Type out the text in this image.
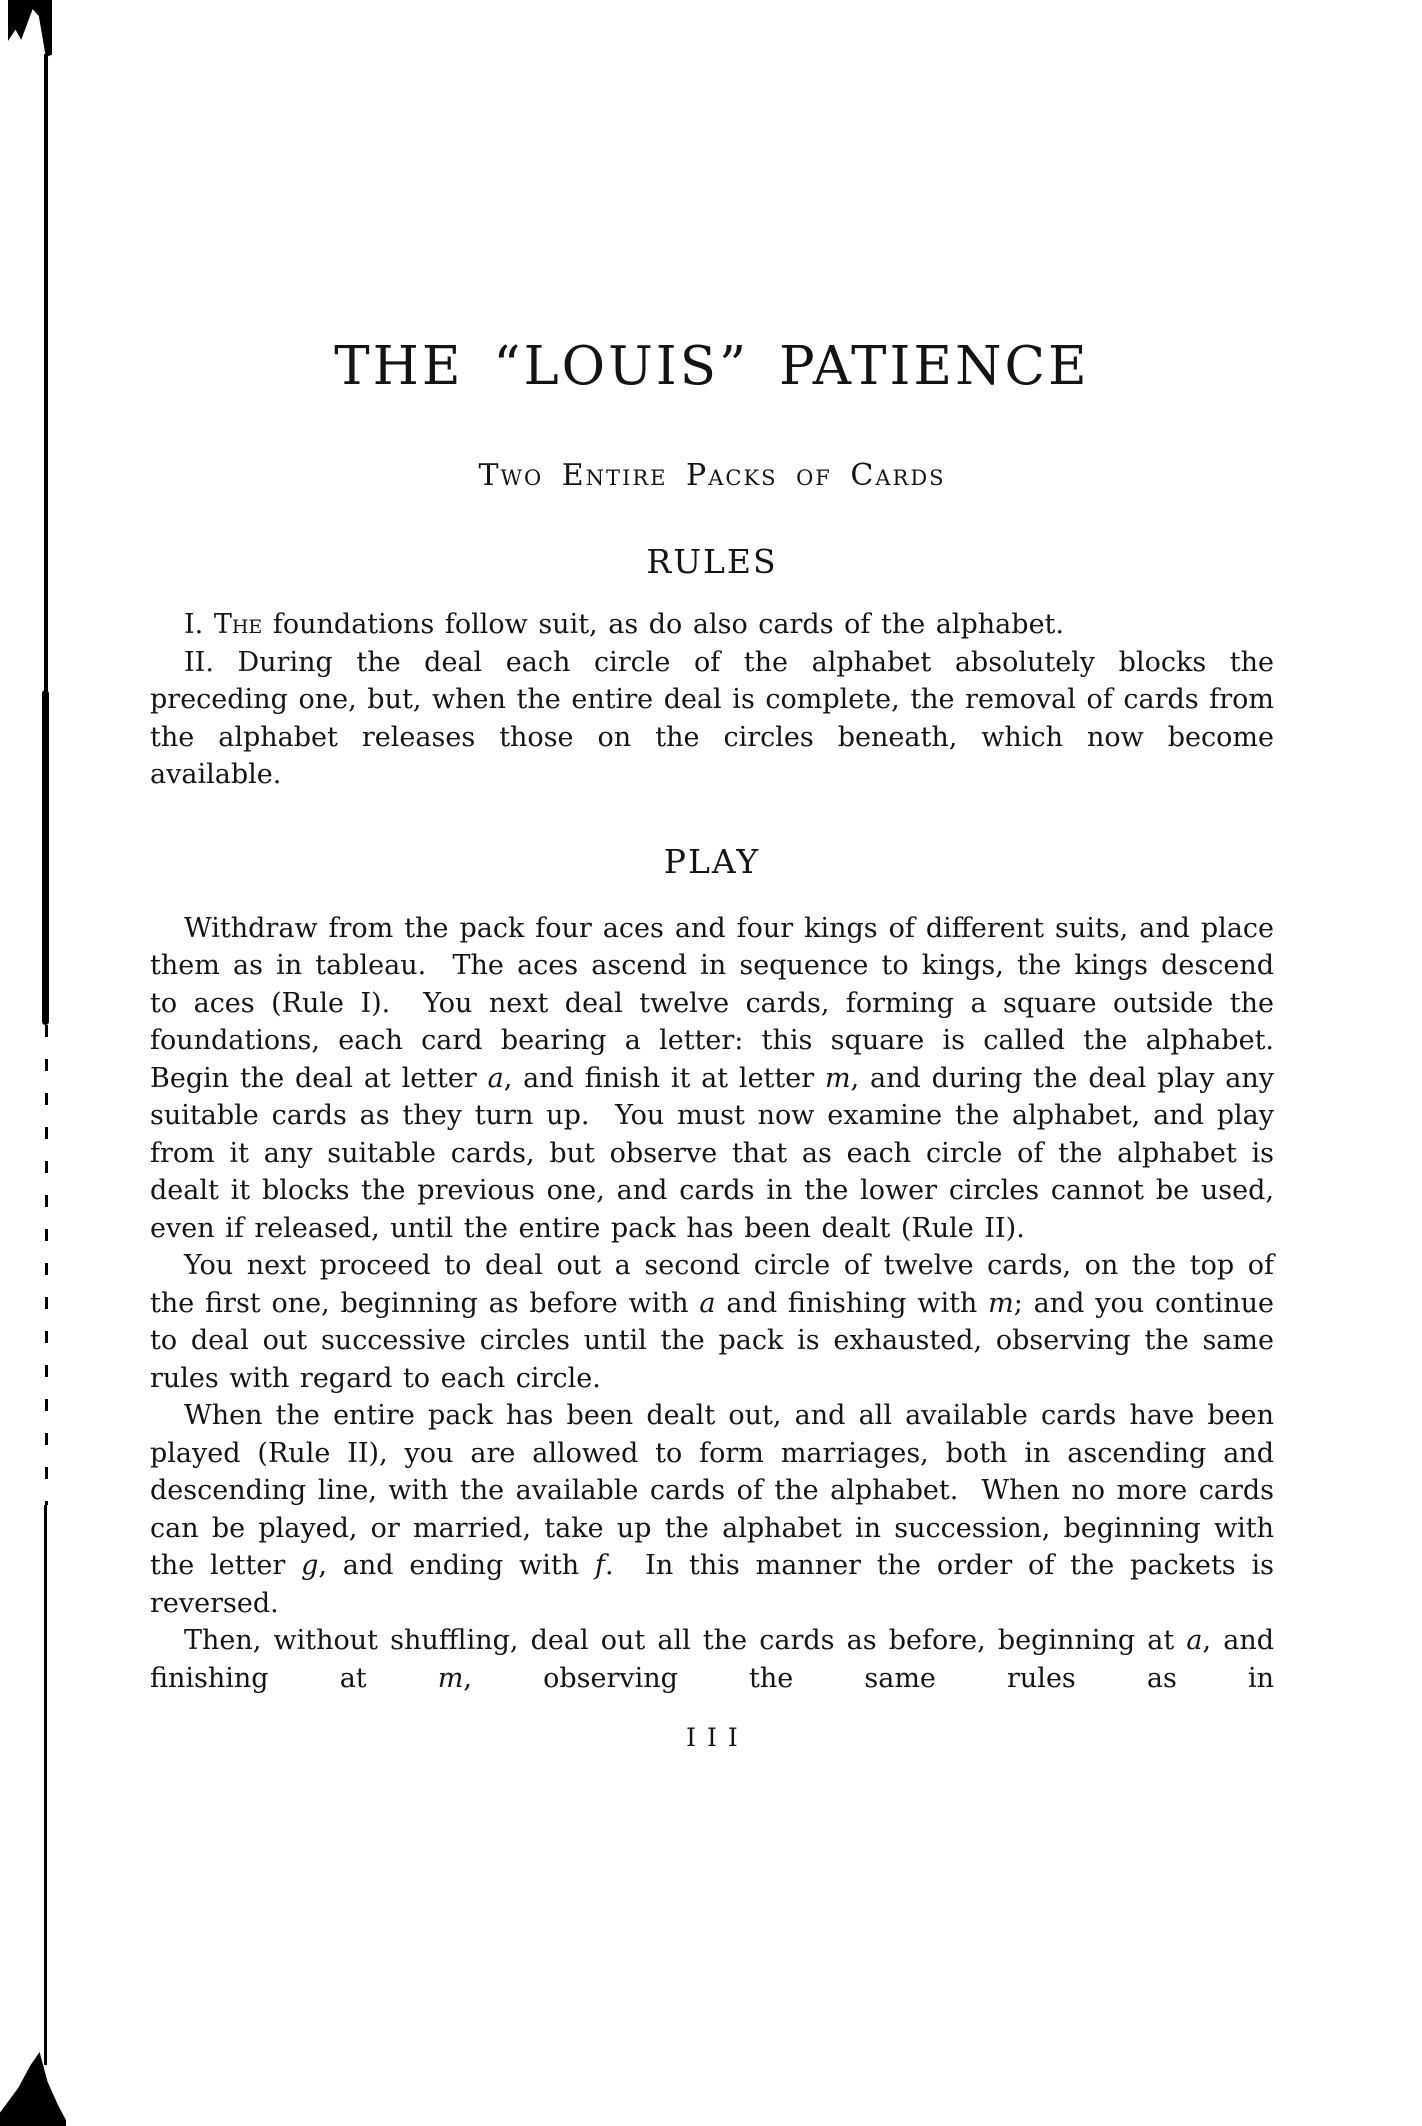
THE “LOUIS” PATIENCE
Two Entire Packs of Cards
RULES

I. The foundations follow suit, as do also cards of the alphabet.

II. During the deal each circle of the alphabet absolutely blocks the preceding one, but, when the entire deal is complete, the removal of cards from the alphabet releases those on the circles beneath, which now become available.

PLAY

Withdraw from the pack four aces and four kings of different suits, and place them as in tableau.  The aces ascend in sequence to kings, the kings descend to aces (Rule I).  You next deal twelve cards, forming a square outside the foundations, each card bearing a letter: this square is called the alphabet.  Begin the deal at letter a, and finish it at letter m, and during the deal play any suitable cards as they turn up.  You must now examine the alphabet, and play from it any suitable cards, but observe that as each circle of the alphabet is dealt it blocks the previous one, and cards in the lower circles cannot be used, even if released, until the entire pack has been dealt (Rule II).

You next proceed to deal out a second circle of twelve cards, on the top of the first one, beginning as before with a and finishing with m; and you continue to deal out successive circles until the pack is exhausted, observing the same rules with regard to each circle.

When the entire pack has been dealt out, and all available cards have been played (Rule II), you are allowed to form marriages, both in ascending and descending line, with the available cards of the alphabet.  When no more cards can be played, or married, take up the alphabet in succession, beginning with the letter g, and ending with f.  In this manner the order of the packets is reversed.

Then, without shuffling, deal out all the cards as before, beginning at a, and finishing at m, observing the same rules as in

III
